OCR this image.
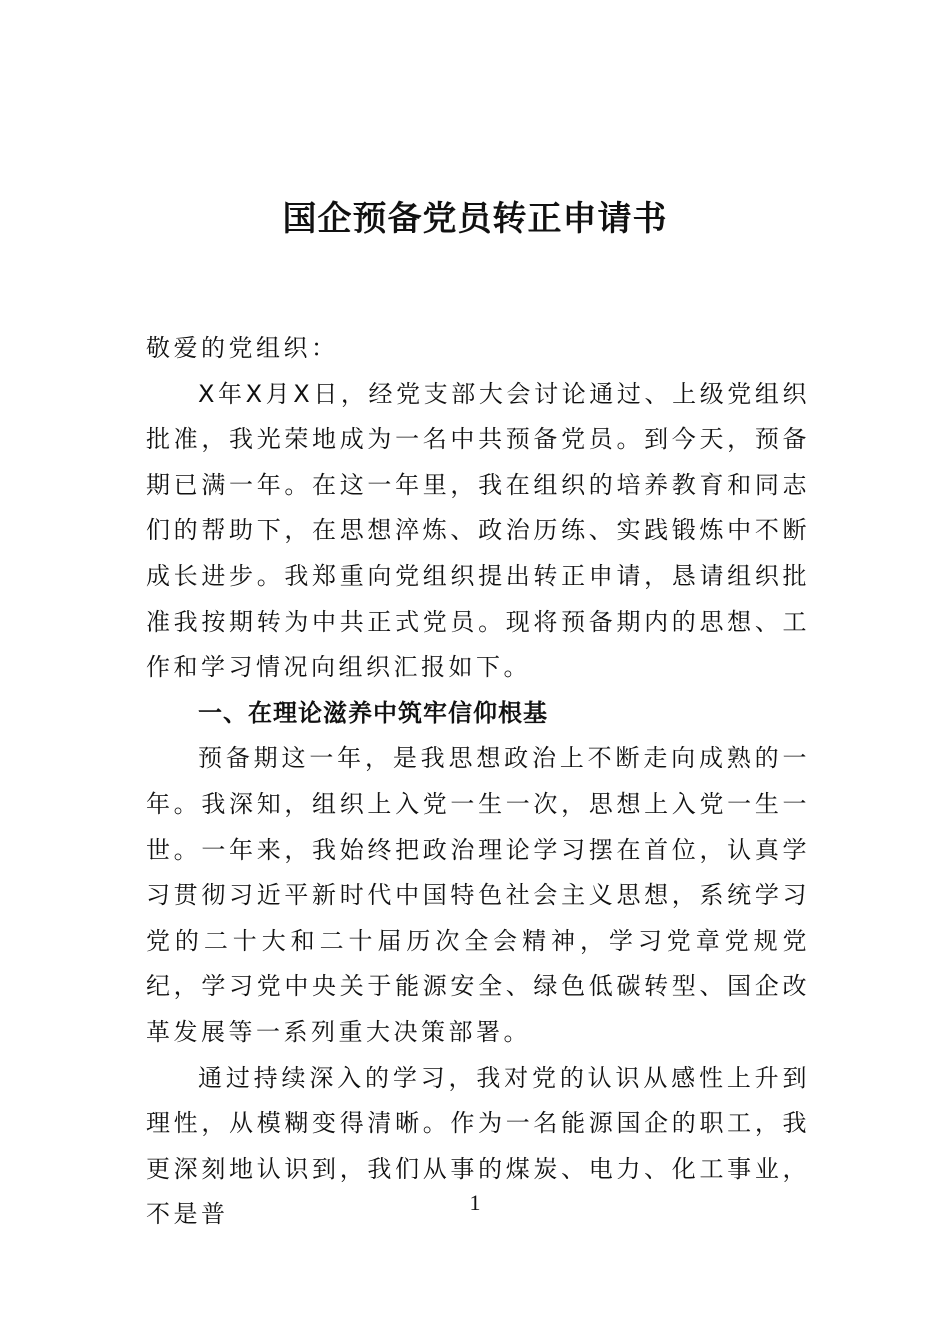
国企预备党员转正申请书

敬爱的党组织：

X年X月X日，经党支部大会讨论通过、上级党组织批准，我光荣地成为一名中共预备党员。到今天，预备期已满一年。在这一年里，我在组织的培养教育和同志们的帮助下，在思想淬炼、政治历练、实践锻炼中不断成长进步。我郑重向党组织提出转正申请，恳请组织批准我按期转为中共正式党员。现将预备期内的思想、工作和学习情况向组织汇报如下。

一、在理论滋养中筑牢信仰根基

预备期这一年，是我思想政治上不断走向成熟的一年。我深知，组织上入党一生一次，思想上入党一生一世。一年来，我始终把政治理论学习摆在首位，认真学习贯彻习近平新时代中国特色社会主义思想，系统学习党的二十大和二十届历次全会精神，学习党章党规党纪，学习党中央关于能源安全、绿色低碳转型、国企改革发展等一系列重大决策部署。

通过持续深入的学习，我对党的认识从感性上升到理性，从模糊变得清晰。作为一名能源国企的职工，我更深刻地认识到，我们从事的煤炭、电力、化工事业，不是普	1
